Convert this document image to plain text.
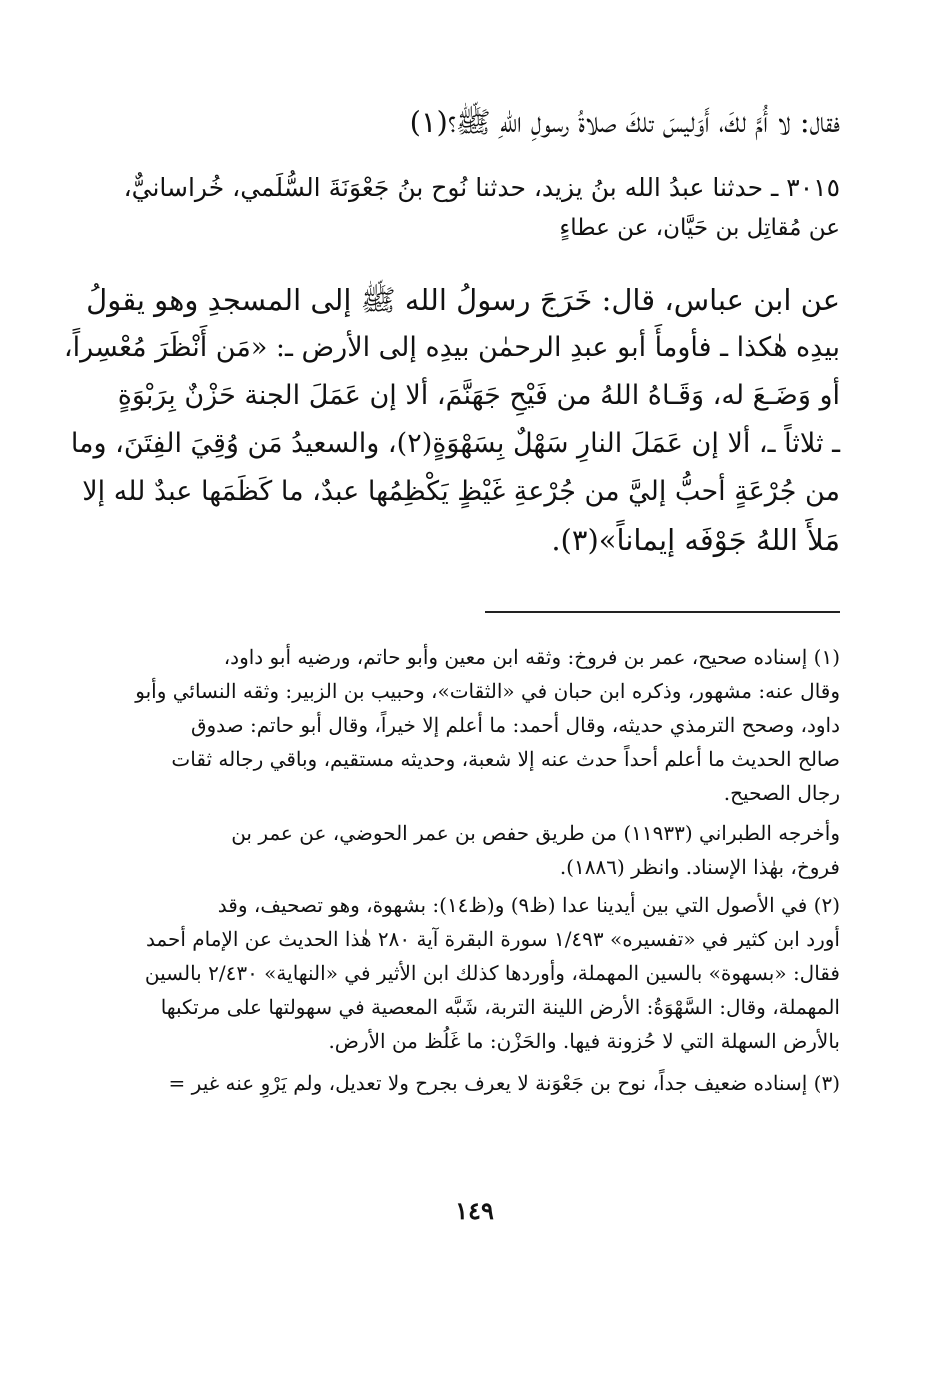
فقال: لا أُمَّ لكَ، أَوَليسَ تلكَ صلاةُ رسولِ اللهِ ﷺ؟(١)
٣٠١٥ ـ حدثنا عبدُ الله بنُ يزيد، حدثنا نُوح بنُ جَعْوَنَةَ السُّلَمي، خُراسانيٌّ،
عن مُقاتِل بن حَيَّان، عن عطاءٍ
عن ابن عباس، قال: خَرَجَ رسولُ الله ﷺ إلى المسجدِ وهو يقولُ
بيدِه هٰكذا ـ فأومأَ أبو عبدِ الرحمٰن بيدِه إلى الأرض ـ: «مَن أَنْظَرَ مُعْسِراً،
أو وَضَـعَ له، وَقَـاهُ اللهُ من فَيْحِ جَهَنَّمَ، ألا إن عَمَلَ الجنة حَزْنٌ بِرَبْوَةٍ
ـ ثلاثاً ـ، ألا إن عَمَلَ النارِ سَهْلٌ بِسَهْوَةٍ(٢)، والسعيدُ مَن وُقِيَ الفِتَنَ، وما
من جُرْعَةٍ أحبُّ إليَّ من جُرْعةِ غَيْظٍ يَكْظِمُها عبدٌ، ما كَظَمَها عبدٌ لله إلا
مَلأَ اللهُ جَوْفَه إيماناً»(٣).
(١) إسناده صحيح، عمر بن فروخ: وثقه ابن معين وأبو حاتم، ورضيه أبو داود،
وقال عنه: مشهور، وذكره ابن حبان في «الثقات»، وحبيب بن الزبير: وثقه النسائي وأبو
داود، وصحح الترمذي حديثه، وقال أحمد: ما أعلم إلا خيراً، وقال أبو حاتم: صدوق
صالح الحديث ما أعلم أحداً حدث عنه إلا شعبة، وحديثه مستقيم، وباقي رجاله ثقات
رجال الصحيح.
وأخرجه الطبراني (١١٩٣٣) من طريق حفص بن عمر الحوضي، عن عمر بن
فروخ، بهٰذا الإسناد. وانظر (١٨٨٦).
(٢) في الأصول التي بين أيدينا عدا (ظ٩) و(ظ١٤): بشهوة، وهو تصحيف، وقد
أورد ابن كثير في «تفسيره» ١/٤٩٣ سورة البقرة آية ٢٨٠ هٰذا الحديث عن الإمام أحمد
فقال: «بسهوة» بالسين المهملة، وأوردها كذلك ابن الأثير في «النهاية» ٢/٤٣٠ بالسين
المهملة، وقال: السَّهْوَةُ: الأرض اللينة التربة، شَبَّه المعصية في سهولتها على مرتكبها
بالأرض السهلة التي لا حُزونة فيها. والحَزْن: ما غَلُظ من الأرض.
(٣) إسناده ضعيف جداً، نوح بن جَعْوَنة لا يعرف بجرح ولا تعديل، ولم يَرْوِ عنه غير =
١٤٩
